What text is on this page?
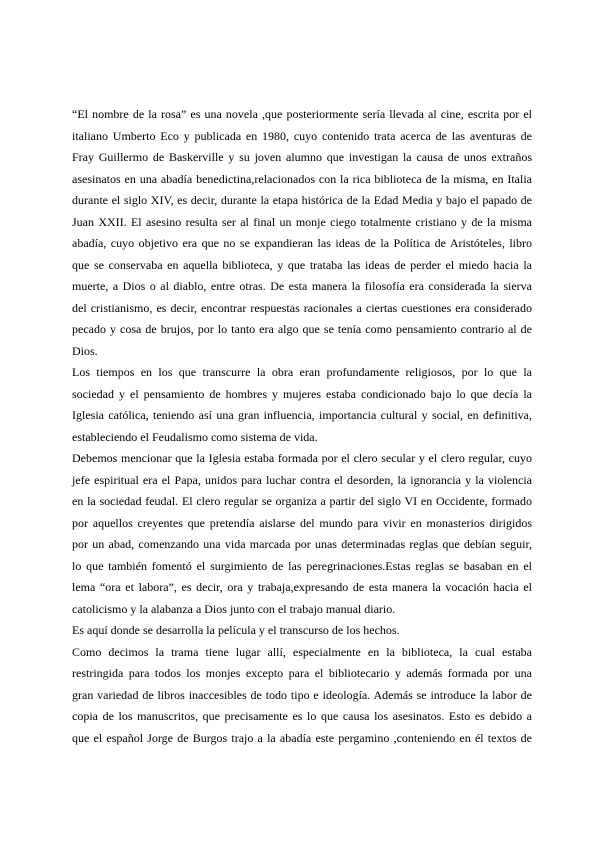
“El nombre de la rosa” es una novela ,que posteriormente sería llevada al cine, escrita por el
italiano Umberto Eco y publicada en 1980, cuyo contenido trata acerca de las aventuras de
Fray Guillermo de Baskerville y su joven alumno que investigan la causa de unos extraños
asesinatos en una abadía benedictina,relacionados con la rica biblioteca de la misma, en Italia
durante el siglo XIV, es decir, durante la etapa histórica de la Edad Media y bajo el papado de
Juan XXII. El asesino resulta ser al final un monje ciego totalmente cristiano y de la misma
abadía, cuyo objetivo era que no se expandieran las ideas de la Política de Aristóteles, libro
que se conservaba en aquella biblioteca, y que trataba las ideas de perder el miedo hacia la
muerte, a Dios o al diablo, entre otras. De esta manera la filosofía era considerada la sierva
del cristianismo, es decir, encontrar respuestas racionales a ciertas cuestiones era considerado
pecado y cosa de brujos, por lo tanto era algo que se tenía como pensamiento contrario al de
Dios.
Los tiempos en los que transcurre la obra eran profundamente religiosos, por lo que la
sociedad y el pensamiento de hombres y mujeres estaba condicionado bajo lo que decía la
Iglesia católica, teniendo así una gran influencia, importancia cultural y social, en definitiva,
estableciendo el Feudalismo como sistema de vida.
Debemos mencionar que la Iglesia estaba formada por el clero secular y el clero regular, cuyo
jefe espiritual era el Papa, unidos para luchar contra el desorden, la ignorancia y la violencia
en la sociedad feudal. El clero regular se organiza a partir del siglo VI en Occidente, formado
por aquellos creyentes que pretendía aislarse del mundo para vivir en monasterios dirigidos
por un abad, comenzando una vida marcada por unas determinadas reglas que debían seguir,
lo que también fomentó el surgimiento de las peregrinaciones.Estas reglas se basaban en el
lema “ora et labora”, es decir, ora y trabaja,expresando de esta manera la vocación hacia el
catolicismo y la alabanza a Dios junto con el trabajo manual diario.
Es aquí donde se desarrolla la película y el transcurso de los hechos.
Como decimos la trama tiene lugar allí, especialmente en la biblioteca, la cual estaba
restringida para todos los monjes excepto para el bibliotecario y además formada por una
gran variedad de libros inaccesibles de todo tipo e ideología. Además se introduce la labor de
copia de los manuscritos, que precisamente es lo que causa los asesinatos. Esto es debido a
que el español Jorge de Burgos trajo a la abadía este pergamino ,conteniendo en él textos de
